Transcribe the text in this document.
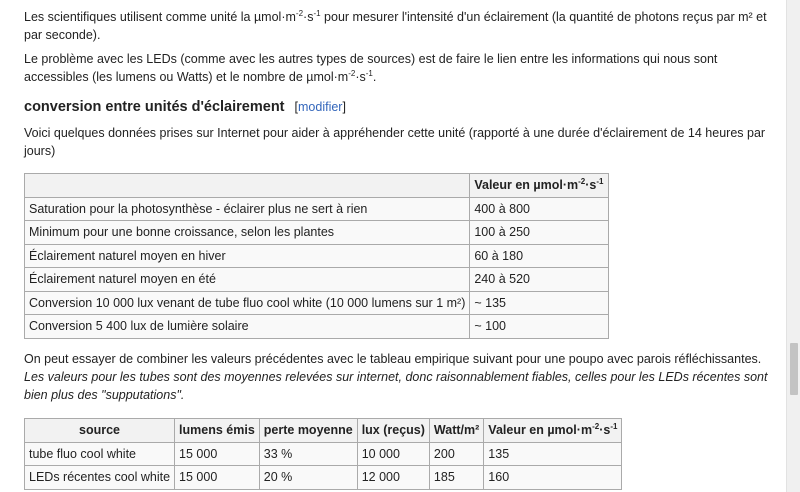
Les scientifiques utilisent comme unité la $\mu mol\cdot m^{-2}\cdot s^{-1}$ pour mesurer l'intensité d'un éclairement (la quantité de photons reçus par m² et par seconde).

Le problème avec les LEDs (comme avec les autres types de sources) est de faire le lien entre les informations qui nous sont accessibles (les lumens ou Watts) et le nombre de $\mu mol\cdot m^{-2}\cdot s^{-1}$.

conversion entre unités d'éclairement [modifier]

Voici quelques données prises sur Internet pour aider à appréhender cette unité (rapporté à une durée d'éclairement de 14 heures par jours)

	Valeur en $\mu mol\cdot m^{-2}\cdot s^{-1}$
Saturation pour la photosynthèse - éclairer plus ne sert à rien	400 à 800
Minimum pour une bonne croissance, selon les plantes	100 à 250
Éclairement naturel moyen en hiver	60 à 180
Éclairement naturel moyen en été	240 à 520
Conversion 10 000 lux venant de tube fluo cool white (10 000 lumens sur 1 m²)	~ 135
Conversion 5 400 lux de lumière solaire	~ 100

On peut essayer de combiner les valeurs précédentes avec le tableau empirique suivant pour une poupo avec parois réfléchissantes.
Les valeurs pour les tubes sont des moyennes relevées sur internet, donc raisonnablement fiables, celles pour les LEDs récentes sont bien plus des "supputations".

source	lumens émis	perte moyenne	lux (reçus)	Watt/m²	Valeur en $\mu mol\cdot m^{-2}\cdot s^{-1}$
tube fluo cool white	15 000	33 %	10 000	200	135
LEDs récentes cool white	15 000	20 %	12 000	185	160
